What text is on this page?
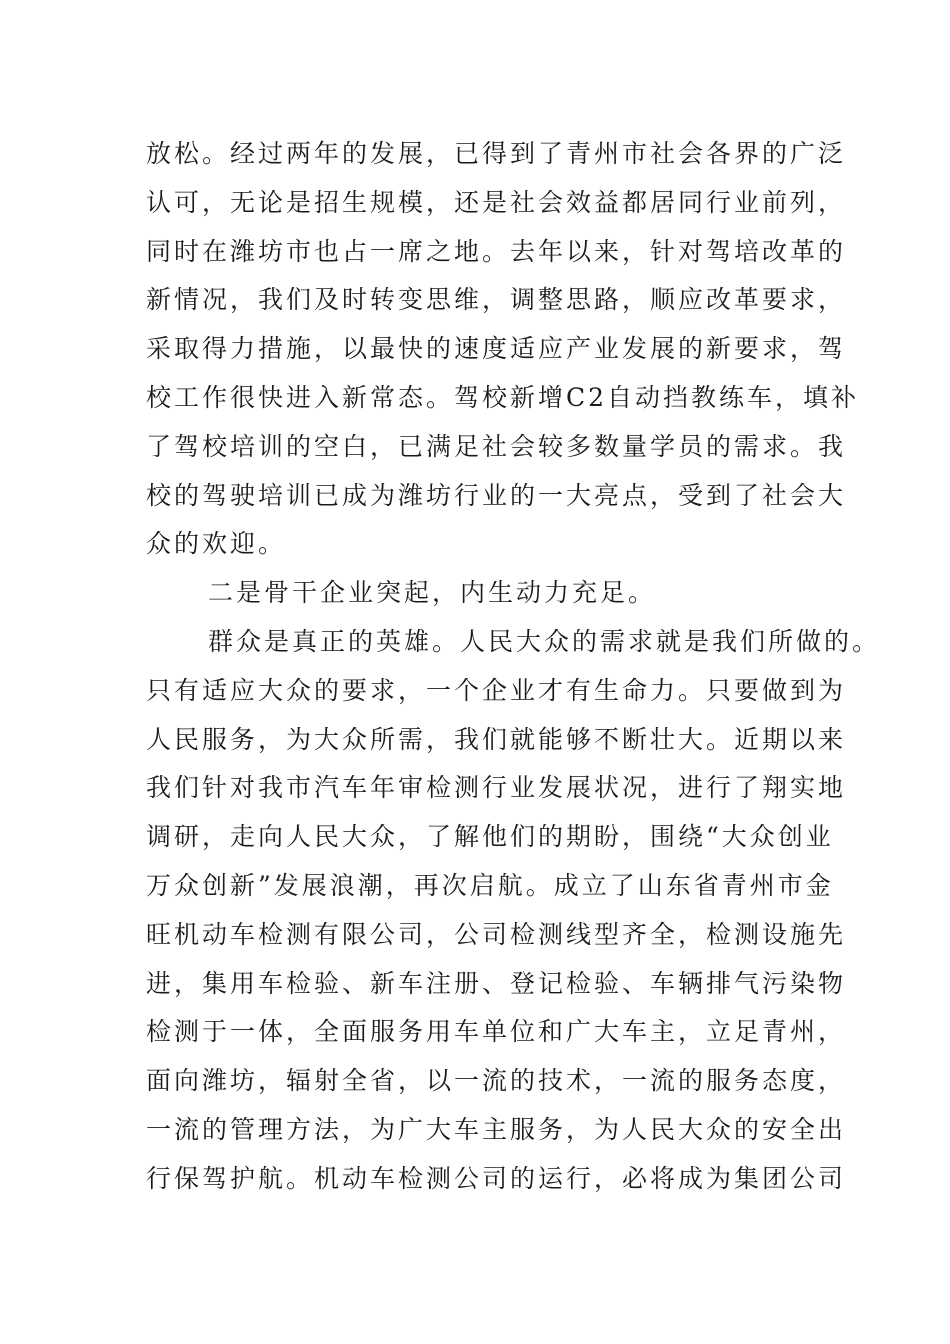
放松。经过两年的发展，已得到了青州市社会各界的广泛
认可，无论是招生规模，还是社会效益都居同行业前列，
同时在潍坊市也占一席之地。去年以来，针对驾培改革的
新情况，我们及时转变思维，调整思路，顺应改革要求，
采取得力措施，以最快的速度适应产业发展的新要求，驾
校工作很快进入新常态。驾校新增C2自动挡教练车，填补
了驾校培训的空白，已满足社会较多数量学员的需求。我
校的驾驶培训已成为潍坊行业的一大亮点，受到了社会大
众的欢迎。
二是骨干企业突起，内生动力充足。
群众是真正的英雄。人民大众的需求就是我们所做的。
只有适应大众的要求，一个企业才有生命力。只要做到为
人民服务，为大众所需，我们就能够不断壮大。近期以来
我们针对我市汽车年审检测行业发展状况，进行了翔实地
调研，走向人民大众，了解他们的期盼，围绕“大众创业
万众创新”发展浪潮，再次启航。成立了山东省青州市金
旺机动车检测有限公司，公司检测线型齐全，检测设施先
进，集用车检验、新车注册、登记检验、车辆排气污染物
检测于一体，全面服务用车单位和广大车主，立足青州，
面向潍坊，辐射全省，以一流的技术，一流的服务态度，
一流的管理方法，为广大车主服务，为人民大众的安全出
行保驾护航。机动车检测公司的运行，必将成为集团公司
